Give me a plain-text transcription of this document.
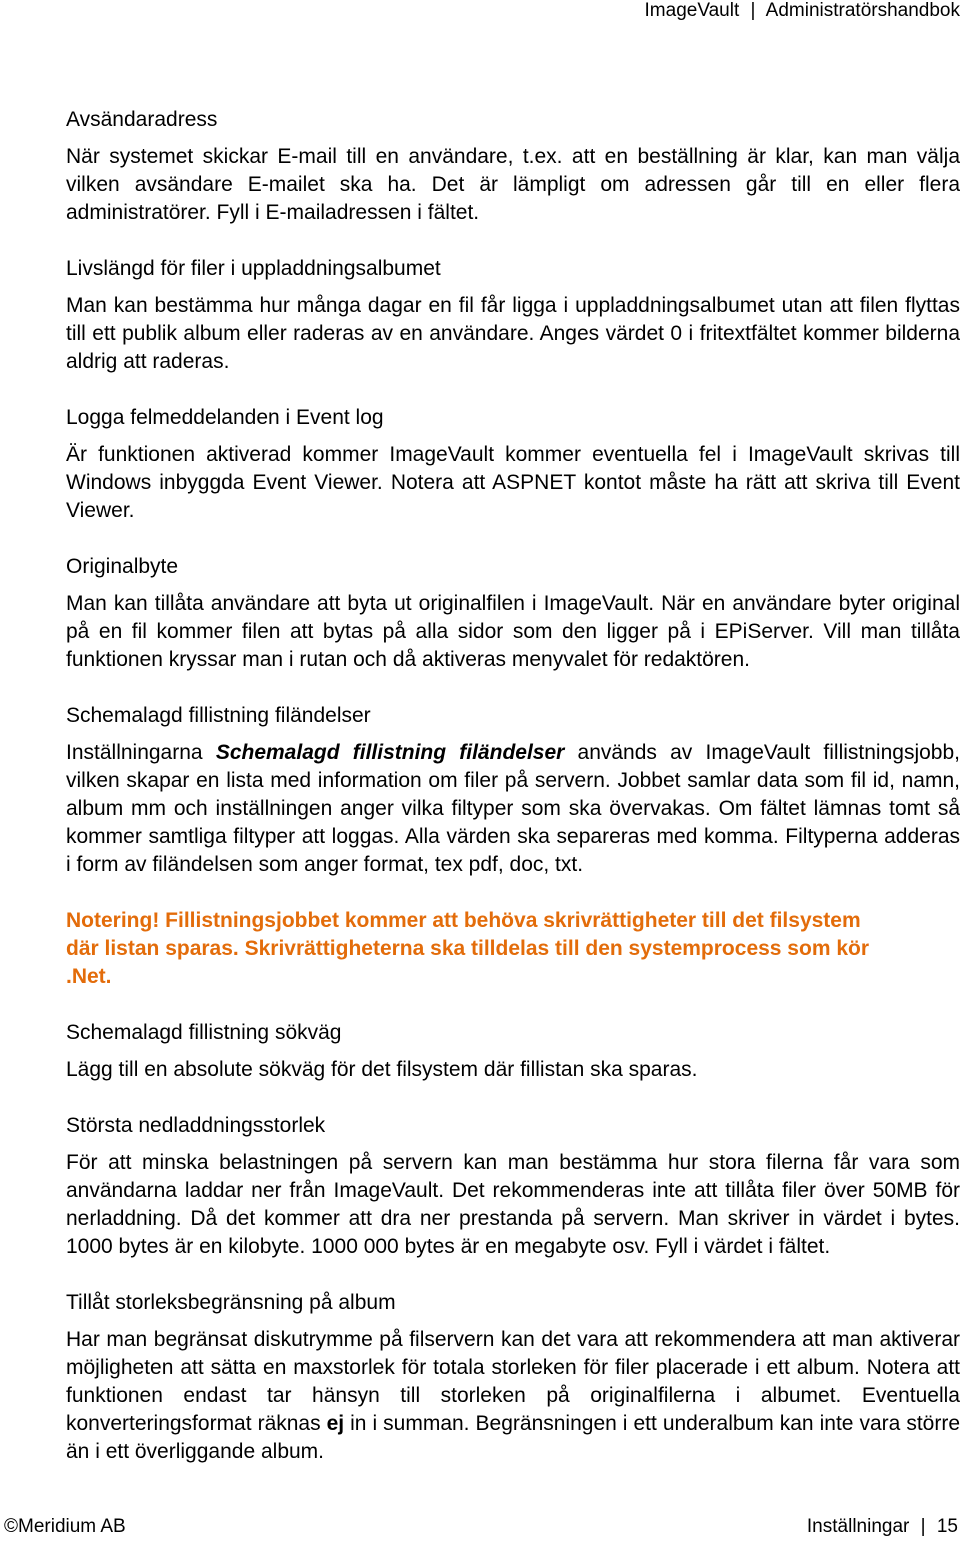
ImageVault | Administratörshandbok

Avsändaradress

När systemet skickar E-mail till en användare, t.ex. att en beställning är klar, kan man välja vilken avsändare E-mailet ska ha. Det är lämpligt om adressen går till en eller flera administratörer. Fyll i E-mailadressen i fältet.

Livslängd för filer i uppladdningsalbumet

Man kan bestämma hur många dagar en fil får ligga i uppladdningsalbumet utan att filen flyttas till ett publik album eller raderas av en användare. Anges värdet 0 i fritextfältet kommer bilderna aldrig att raderas.

Logga felmeddelanden i Event log

Är funktionen aktiverad kommer ImageVault kommer eventuella fel i ImageVault skrivas till Windows inbyggda Event Viewer. Notera att ASPNET kontot måste ha rätt att skriva till Event Viewer.

Originalbyte

Man kan tillåta användare att byta ut originalfilen i ImageVault. När en användare byter original på en fil kommer filen att bytas på alla sidor som den ligger på i EPiServer. Vill man tillåta funktionen kryssar man i rutan och då aktiveras menyvalet för redaktören.

Schemalagd fillistning filändelser

Inställningarna Schemalagd fillistning filändelser används av ImageVault fillistningsjobb, vilken skapar en lista med information om filer på servern. Jobbet samlar data som fil id, namn, album mm och inställningen anger vilka filtyper som ska övervakas. Om fältet lämnas tomt så kommer samtliga filtyper att loggas. Alla värden ska separeras med komma. Filtyperna adderas i form av filändelsen som anger format, tex pdf, doc, txt.

Notering! Fillistningsjobbet kommer att behöva skrivrättigheter till det filsystem där listan sparas. Skrivrättigheterna ska tilldelas till den systemprocess som kör .Net.

Schemalagd fillistning sökväg

Lägg till en absolute sökväg för det filsystem där fillistan ska sparas.

Största nedladdningsstorlek

För att minska belastningen på servern kan man bestämma hur stora filerna får vara som användarna laddar ner från ImageVault. Det rekommenderas inte att tillåta filer över 50MB för nerladdning. Då det kommer att dra ner prestanda på servern. Man skriver in värdet i bytes. 1000 bytes är en kilobyte. 1000 000 bytes är en megabyte osv. Fyll i värdet i fältet.

Tillåt storleksbegränsning på album

Har man begränsat diskutrymme på filservern kan det vara att rekommendera att man aktiverar möjligheten att sätta en maxstorlek för totala storleken för filer placerade i ett album. Notera att funktionen endast tar hänsyn till storleken på originalfilerna i albumet. Eventuella konverteringsformat räknas ej in i summan. Begränsningen i ett underalbum kan inte vara större än i ett överliggande album.

©Meridium AB	Inställningar | 15
